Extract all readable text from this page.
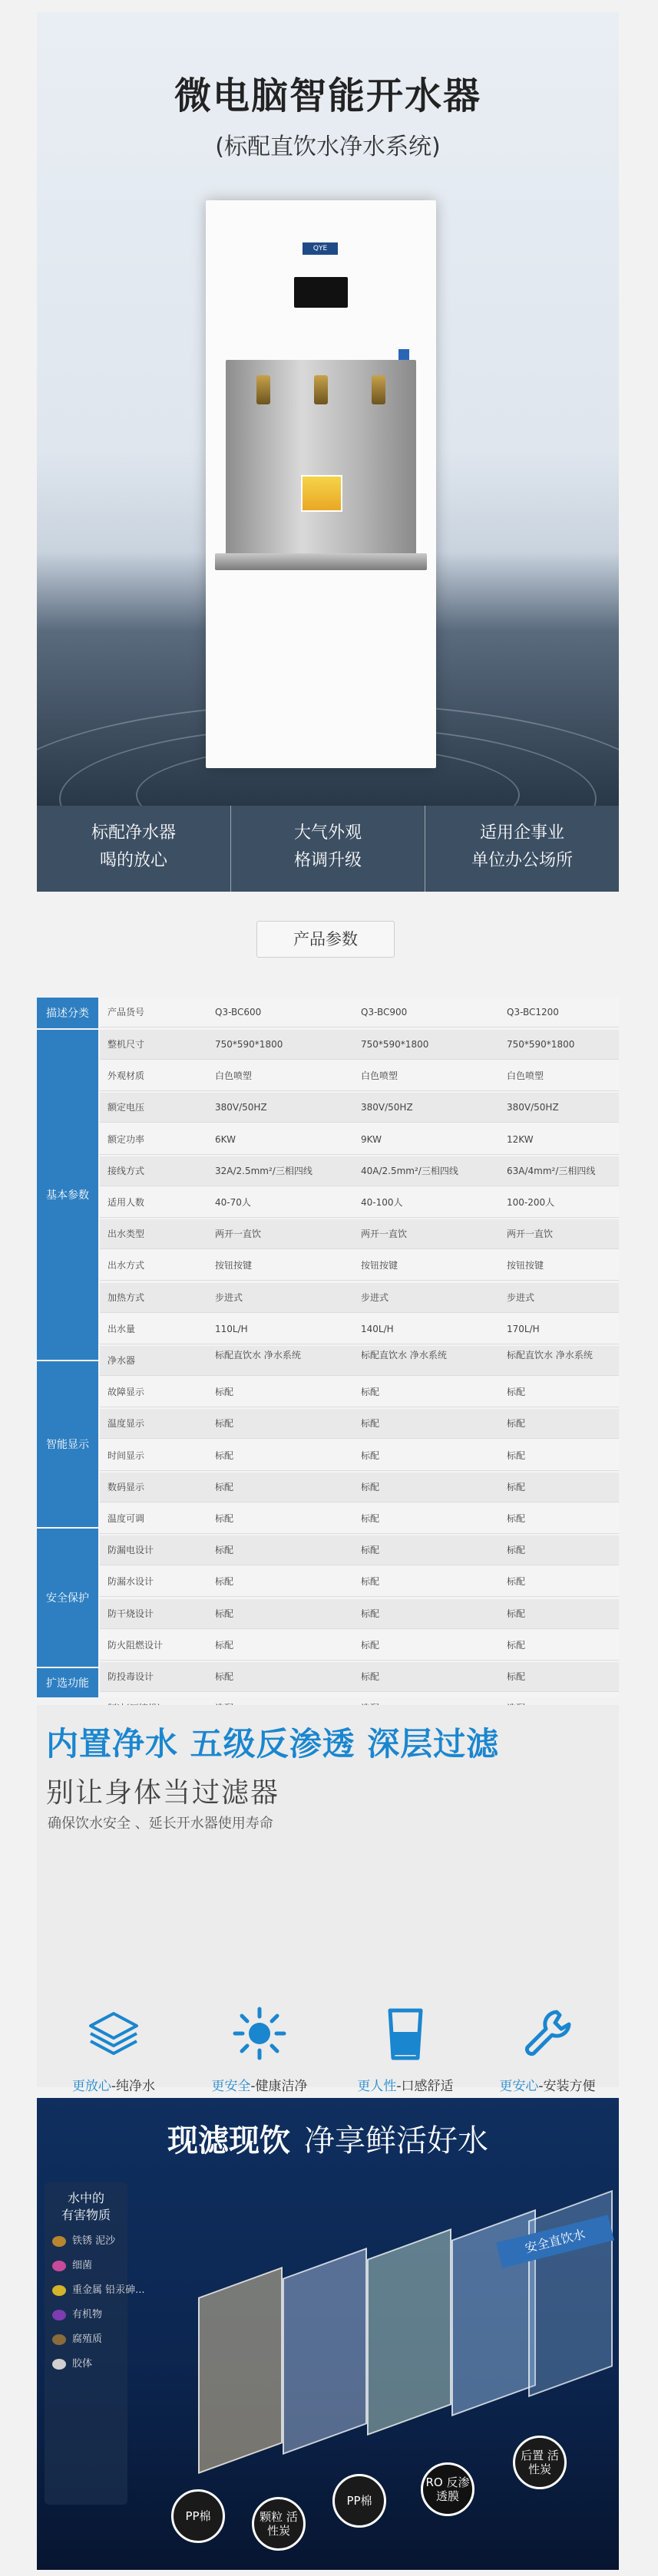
微电脑智能开水器
(标配直饮水净水系统)
QYE
标配净水器
喝的放心
大气外观
格调升级
适用企事业
单位办公场所
产品参数
描述分类	产品货号	Q3-BC600	Q3-BC900	Q3-BC1200
基本参数
智能显示
安全保护
扩选功能
整机尺寸	750*590*1800	750*590*1800	750*590*1800
外观材质	白色喷塑	白色喷塑	白色喷塑
额定电压	380V/50HZ	380V/50HZ	380V/50HZ
额定功率	6KW	9KW	12KW
接线方式	32A/2.5mm²/三相四线	40A/2.5mm²/三相四线	63A/4mm²/三相四线
适用人数	40-70人	40-100人	100-200人
出水类型	两开一直饮	两开一直饮	两开一直饮
出水方式	按钮按键	按钮按键	按钮按键
加热方式	步进式	步进式	步进式
出水量	110L/H	140L/H	170L/H
净水器	标配直饮水 净水系统	标配直饮水 净水系统	标配直饮水 净水系统
故障显示	标配	标配	标配
温度显示	标配	标配	标配
时间显示	标配	标配	标配
数码显示	标配	标配	标配
温度可调	标配	标配	标配
防漏电设计	标配	标配	标配
防漏水设计	标配	标配	标配
防干烧设计	标配	标配	标配
防火阻燃设计	标配	标配	标配
防投毒设计	标配	标配	标配
内置净水 五级反渗透 深层过滤
别让身体当过滤器
确保饮水安全 、延长开水器使用寿命
更放心-纯净水	更安全-健康洁净	更人性-口感舒适	更安心-安装方便
现滤现饮 净享鲜活好水
水中的
有害物质
铁锈 泥沙
细菌
重金属 铅汞砷...
有机物
腐殖质
胶体
安全直饮水
PP棉	颗粒 活性炭
PP棉
RO 反渗透膜
后置 活性炭
